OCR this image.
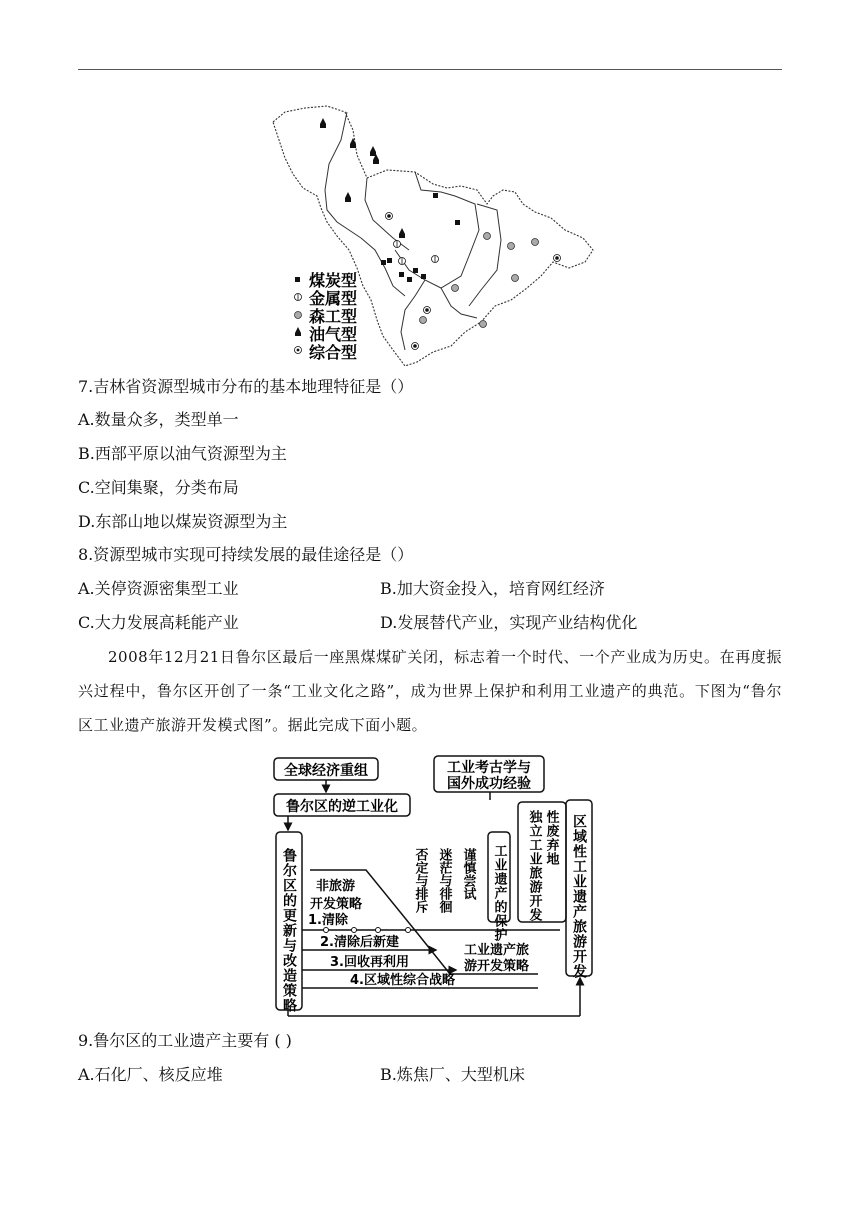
煤炭型
金属型
森工型
油气型
综合型
7.吉林省资源型城市分布的基本地理特征是（）
A.数量众多，类型单一
B.西部平原以油气资源型为主
C.空间集聚，分类布局
D.东部山地以煤炭资源型为主
8.资源型城市实现可持续发展的最佳途径是（）
A.关停资源密集型工业	B.加大资金投入，培育网红经济
C.大力发展高耗能产业	D.发展替代产业，实现产业结构优化
2008年12月21日鲁尔区最后一座黑煤煤矿关闭，标志着一个时代、一个产业成为历史。在再度振兴过程中，鲁尔区开创了一条“工业文化之路”，成为世界上保护和利用工业遗产的典范。下图为“鲁尔区工业遗产旅游开发模式图”。据此完成下面小题。
全球经济重组
鲁尔区的逆工业化
工业考古学与
国外成功经验
鲁尔区的更新与改造策略	区域性工业遗产旅游开发
工业遗产的保护 独立工业旅游开发 性废弃地
否定与排斥 迷茫与徘徊 谨慎尝试
非旅游
开发策略
1.清除
2.清除后新建
3.回收再利用
4.区域性综合战略
工业遗产旅
游开发策略
9.鲁尔区的工业遗产主要有 ( )
A.石化厂、核反应堆	B.炼焦厂、大型机床
